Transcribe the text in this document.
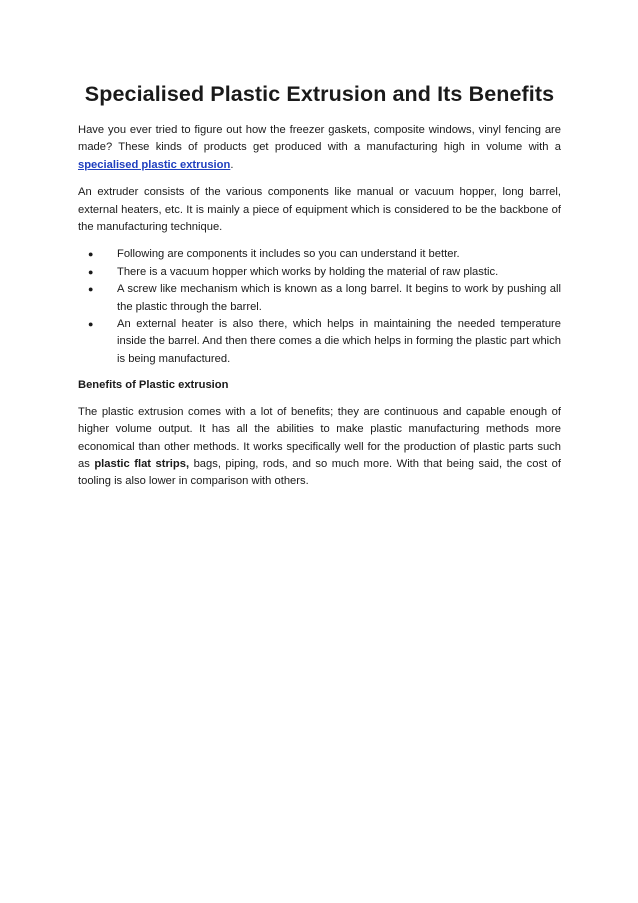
Specialised Plastic Extrusion and Its Benefits

Have you ever tried to figure out how the freezer gaskets, composite windows, vinyl fencing are made? These kinds of products get produced with a manufacturing high in volume with a specialised plastic extrusion.

An extruder consists of the various components like manual or vacuum hopper, long barrel, external heaters, etc. It is mainly a piece of equipment which is considered to be the backbone of the manufacturing technique.

● Following are components it includes so you can understand it better.
● There is a vacuum hopper which works by holding the material of raw plastic.
● A screw like mechanism which is known as a long barrel. It begins to work by pushing all the plastic through the barrel.
● An external heater is also there, which helps in maintaining the needed temperature inside the barrel. And then there comes a die which helps in forming the plastic part which is being manufactured.

Benefits of Plastic extrusion

The plastic extrusion comes with a lot of benefits; they are continuous and capable enough of higher volume output. It has all the abilities to make plastic manufacturing methods more economical than other methods. It works specifically well for the production of plastic parts such as plastic flat strips, bags, piping, rods, and so much more. With that being said, the cost of tooling is also lower in comparison with others.
